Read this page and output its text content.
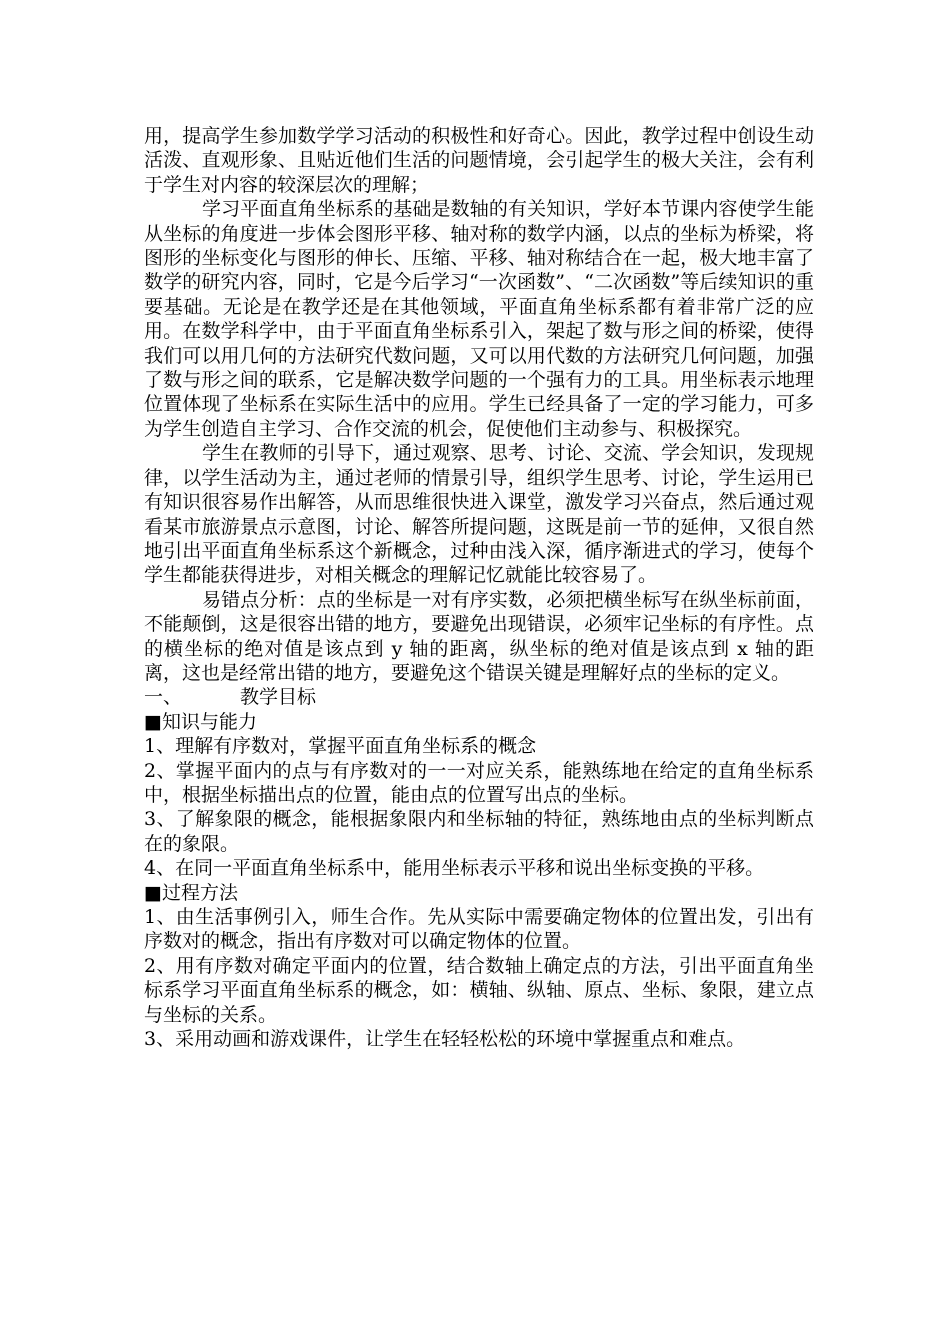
用，提高学生参加数学学习活动的积极性和好奇心。因此，教学过程中创设生动活泼、直观形象、且贴近他们生活的问题情境，会引起学生的极大关注，会有利于学生对内容的较深层次的理解；

学习平面直角坐标系的基础是数轴的有关知识，学好本节课内容使学生能从坐标的角度进一步体会图形平移、轴对称的数学内涵，以点的坐标为桥梁，将图形的坐标变化与图形的伸长、压缩、平移、轴对称结合在一起，极大地丰富了数学的研究内容，同时，它是今后学习“一次函数”、“二次函数”等后续知识的重要基础。无论是在教学还是在其他领域，平面直角坐标系都有着非常广泛的应用。在数学科学中，由于平面直角坐标系引入，架起了数与形之间的桥梁，使得我们可以用几何的方法研究代数问题，又可以用代数的方法研究几何问题，加强了数与形之间的联系，它是解决数学问题的一个强有力的工具。用坐标表示地理位置体现了坐标系在实际生活中的应用。学生已经具备了一定的学习能力，可多为学生创造自主学习、合作交流的机会，促使他们主动参与、积极探究。

学生在教师的引导下，通过观察、思考、讨论、交流、学会知识，发现规律，以学生活动为主，通过老师的情景引导，组织学生思考、讨论，学生运用已有知识很容易作出解答，从而思维很快进入课堂，激发学习兴奋点，然后通过观看某市旅游景点示意图，讨论、解答所提问题，这既是前一节的延伸，又很自然地引出平面直角坐标系这个新概念，过种由浅入深，循序渐进式的学习，使每个学生都能获得进步，对相关概念的理解记忆就能比较容易了。

易错点分析：点的坐标是一对有序实数，必须把横坐标写在纵坐标前面，不能颠倒，这是很容出错的地方，要避免出现错误，必须牢记坐标的有序性。点的横坐标的绝对值是该点到 y 轴的距离，纵坐标的绝对值是该点到 x 轴的距离，这也是经常出错的地方，要避免这个错误关键是理解好点的坐标的定义。

一、	教学目标

■知识与能力

1、理解有序数对，掌握平面直角坐标系的概念

2、掌握平面内的点与有序数对的一一对应关系，能熟练地在给定的直角坐标系中，根据坐标描出点的位置，能由点的位置写出点的坐标。

3、了解象限的概念，能根据象限内和坐标轴的特征，熟练地由点的坐标判断点在的象限。

4、在同一平面直角坐标系中，能用坐标表示平移和说出坐标变换的平移。

■过程方法

1、由生活事例引入，师生合作。先从实际中需要确定物体的位置出发，引出有序数对的概念，指出有序数对可以确定物体的位置。

2、用有序数对确定平面内的位置，结合数轴上确定点的方法，引出平面直角坐标系学习平面直角坐标系的概念，如：横轴、纵轴、原点、坐标、象限，建立点与坐标的关系。

3、采用动画和游戏课件，让学生在轻轻松松的环境中掌握重点和难点。
